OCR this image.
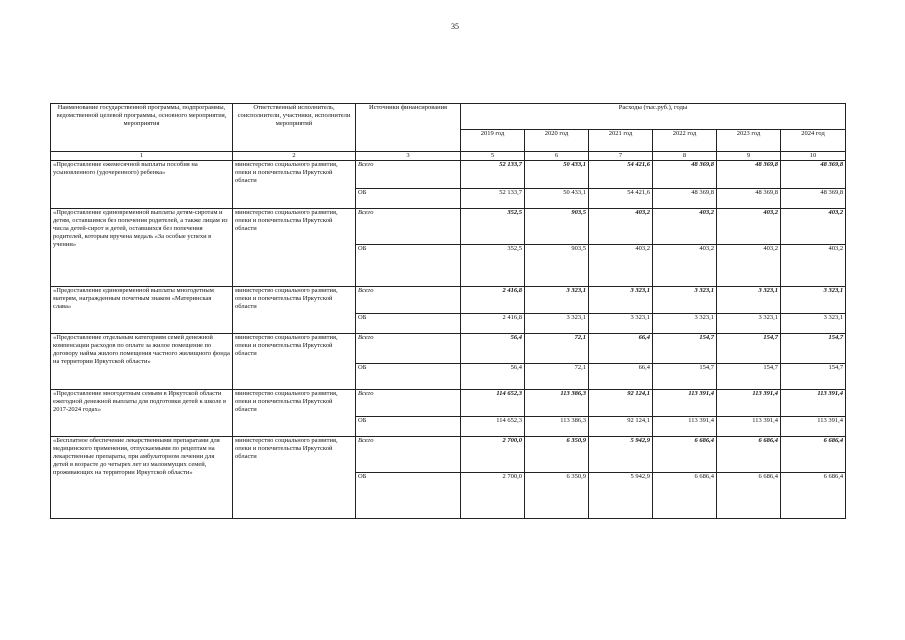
35
Наименование государственной программы, подпрограммы, ведомственной целевой программы, основного мероприятия, мероприятия	Ответственный исполнитель, соисполнители, участники, исполнители мероприятий	Источники финансирования	Расходы (тыс.руб.), годы					
			2019 год	2020 год	2021 год	2022 год	2023 год	2024 год
1	2	3	5	6	7	8	9	10
«Предоставление ежемесячной выплаты пособия на усыновленного (удочеренного) ребенка»	министерство социального развития, опеки и попечительства Иркутской области	Всего	52 133,7	50 433,1	54 421,6	48 369,8	48 369,8	48 369,8
		ОБ	52 133,7	50 433,1	54 421,6	48 369,8	48 369,8	48 369,8
«Предоставление единовременной выплаты детям-сиротам и детям, оставшимся без попечения родителей, а также лицам из числа детей-сирот и детей, оставшихся без попечения родителей, которым вручена медаль «За особые успехи в учении»	министерство социального развития, опеки и попечительства Иркутской области	Всего	352,5	903,5	403,2	403,2	403,2	403,2
		ОБ	352,5	903,5	403,2	403,2	403,2	403,2
«Предоставление единовременной выплаты многодетным матерям, награжденным почетным знаком «Материнская слава»	министерство социального развития, опеки и попечительства Иркутской области	Всего	2 416,8	3 323,1	3 323,1	3 323,1	3 323,1	3 323,1
		ОБ	2 416,8	3 323,1	3 323,1	3 323,1	3 323,1	3 323,1
«Предоставление отдельным категориям семей денежной компенсации расходов по оплате за жилое помещение по договору найма жилого помещения частного жилищного фонда на территории Иркутской области»	министерство социального развития, опеки и попечительства Иркутской области	Всего	56,4	72,1	66,4	154,7	154,7	154,7
		ОБ	56,4	72,1	66,4	154,7	154,7	154,7
«Предоставление многодетным семьям в Иркутской области ежегодной денежной выплаты для подготовки детей к школе в 2017-2024 годах»	министерство социального развития, опеки и попечительства Иркутской области	Всего	114 652,3	113 386,3	92 124,1	113 391,4	113 391,4	113 391,4
		ОБ	114 652,3	113 386,3	92 124,1	113 391,4	113 391,4	113 391,4
«Бесплатное обеспечение лекарственными препаратами для медицинского применения, отпускаемыми по рецептам на лекарственные препараты, при амбулаторном лечении для детей в возрасте до четырех лет из малоимущих семей, проживающих на территории Иркутской области»	министерство социального развития, опеки и попечительства Иркутской области	Всего	2 700,0	6 350,9	5 942,9	6 686,4	6 686,4	6 686,4
		ОБ	2 700,0	6 350,9	5 942,9	6 686,4	6 686,4	6 686,4
